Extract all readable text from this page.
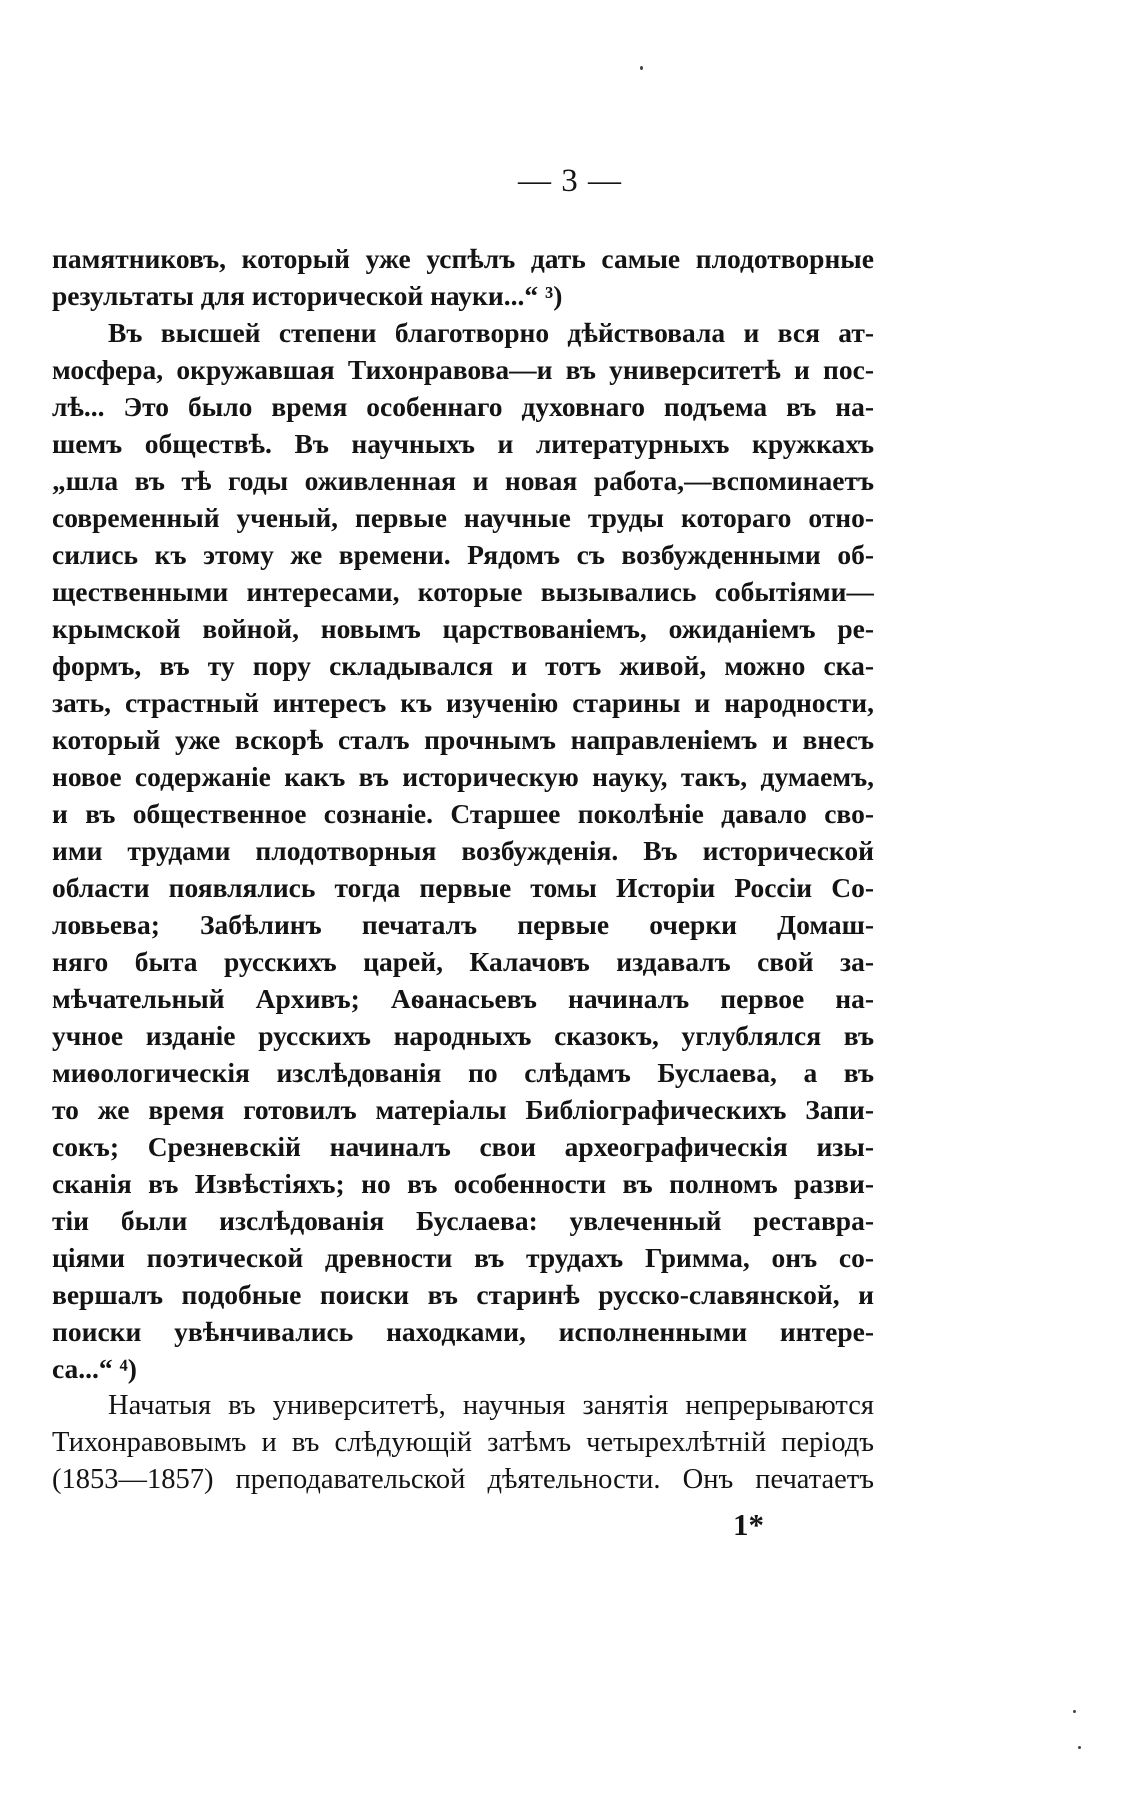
— 3 —
памятниковъ, который уже успѣлъ дать самые плодотворные
результаты для исторической науки...“ ³)
Въ высшей степени благотворно дѣйствовала и вся ат-
мосфера, окружавшая Тихонравова—и въ университетѣ и пос-
лѣ... Это было время особеннаго духовнаго подъема въ на-
шемъ обществѣ. Въ научныхъ и литературныхъ кружкахъ
„шла въ тѣ годы оживленная и новая работа,—вспоминаетъ
современный ученый, первые научные труды котораго отно-
сились къ этому же времени. Рядомъ съ возбужденными об-
щественными интересами, которые вызывались событіями—
крымской войной, новымъ царствованіемъ, ожиданіемъ ре-
формъ, въ ту пору складывался и тотъ живой, можно ска-
зать, страстный интересъ къ изученію старины и народности,
который уже вскорѣ сталъ прочнымъ направленіемъ и внесъ
новое содержаніе какъ въ историческую науку, такъ, думаемъ,
и въ общественное сознаніе. Старшее поколѣніе давало сво-
ими трудами плодотворныя возбужденія. Въ исторической
области появлялись тогда первые томы Исторіи Россіи Со-
ловьева; Забѣлинъ печаталъ первые очерки Домаш-
няго быта русскихъ царей, Калачовъ издавалъ свой за-
мѣчательный Архивъ; Аѳанасьевъ начиналъ первое на-
учное изданіе русскихъ народныхъ сказокъ, углублялся въ
миѳологическія изслѣдованія по слѣдамъ Буслаева, а въ
то же время готовилъ матеріалы Библіографическихъ Запи-
сокъ; Срезневскій начиналъ свои археографическія изы-
сканія въ Извѣстіяхъ; но въ особенности въ полномъ разви-
тіи были изслѣдованія Буслаева: увлеченный реставра-
ціями поэтической древности въ трудахъ Гримма, онъ со-
вершалъ подобные поиски въ старинѣ русско-славянской, и
поиски увѣнчивались находками, исполненными интере-
са...“ ⁴)
Начатыя въ университетѣ, научныя занятія непрерываются
Тихонравовымъ и въ слѣдующій затѣмъ четырехлѣтній періодъ
(1853—1857) преподавательской дѣятельности. Онъ печатаетъ
1*
